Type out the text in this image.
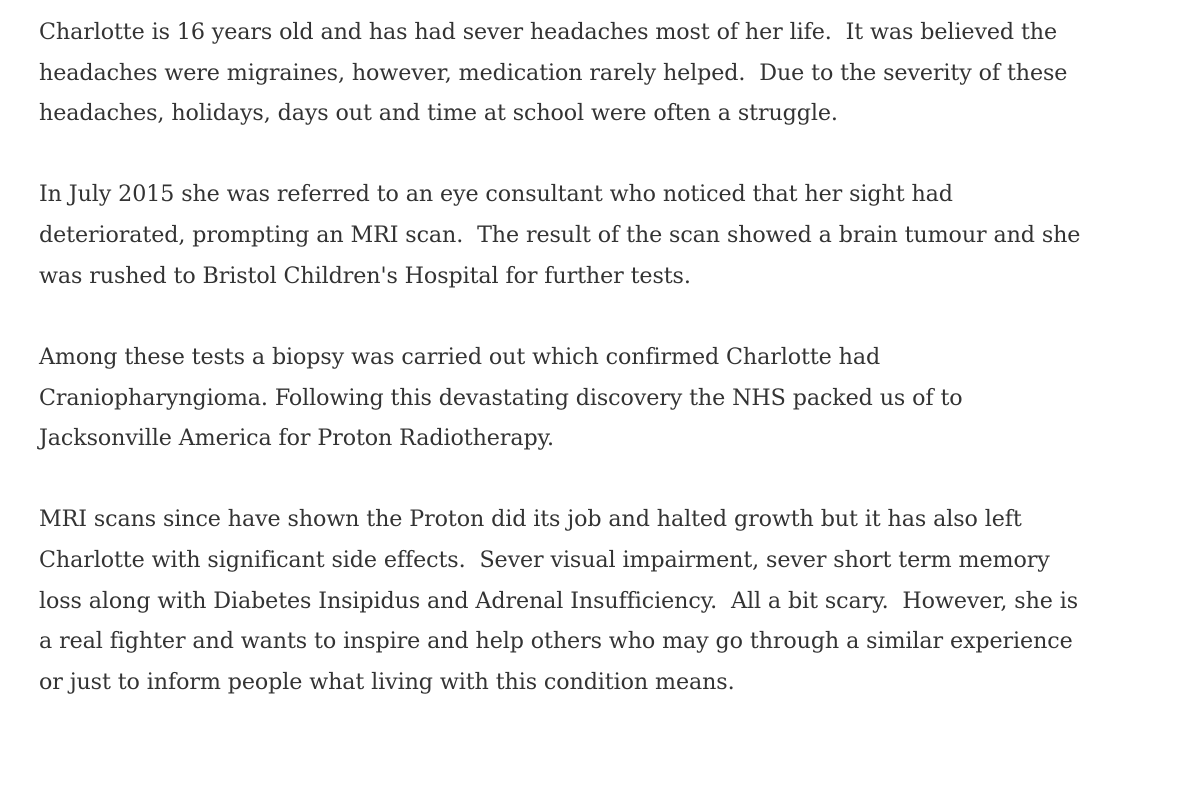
Charlotte is 16 years old and has had sever headaches most of her life.  It was believed the
headaches were migraines, however, medication rarely helped.  Due to the severity of these
headaches, holidays, days out and time at school were often a struggle.

In July 2015 she was referred to an eye consultant who noticed that her sight had
deteriorated, prompting an MRI scan.  The result of the scan showed a brain tumour and she
was rushed to Bristol Children's Hospital for further tests.

Among these tests a biopsy was carried out which confirmed Charlotte had
Craniopharyngioma. Following this devastating discovery the NHS packed us of to
Jacksonville America for Proton Radiotherapy.

MRI scans since have shown the Proton did its job and halted growth but it has also left
Charlotte with significant side effects.  Sever visual impairment, sever short term memory
loss along with Diabetes Insipidus and Adrenal Insufficiency.  All a bit scary.  However, she is
a real fighter and wants to inspire and help others who may go through a similar experience
or just to inform people what living with this condition means.
